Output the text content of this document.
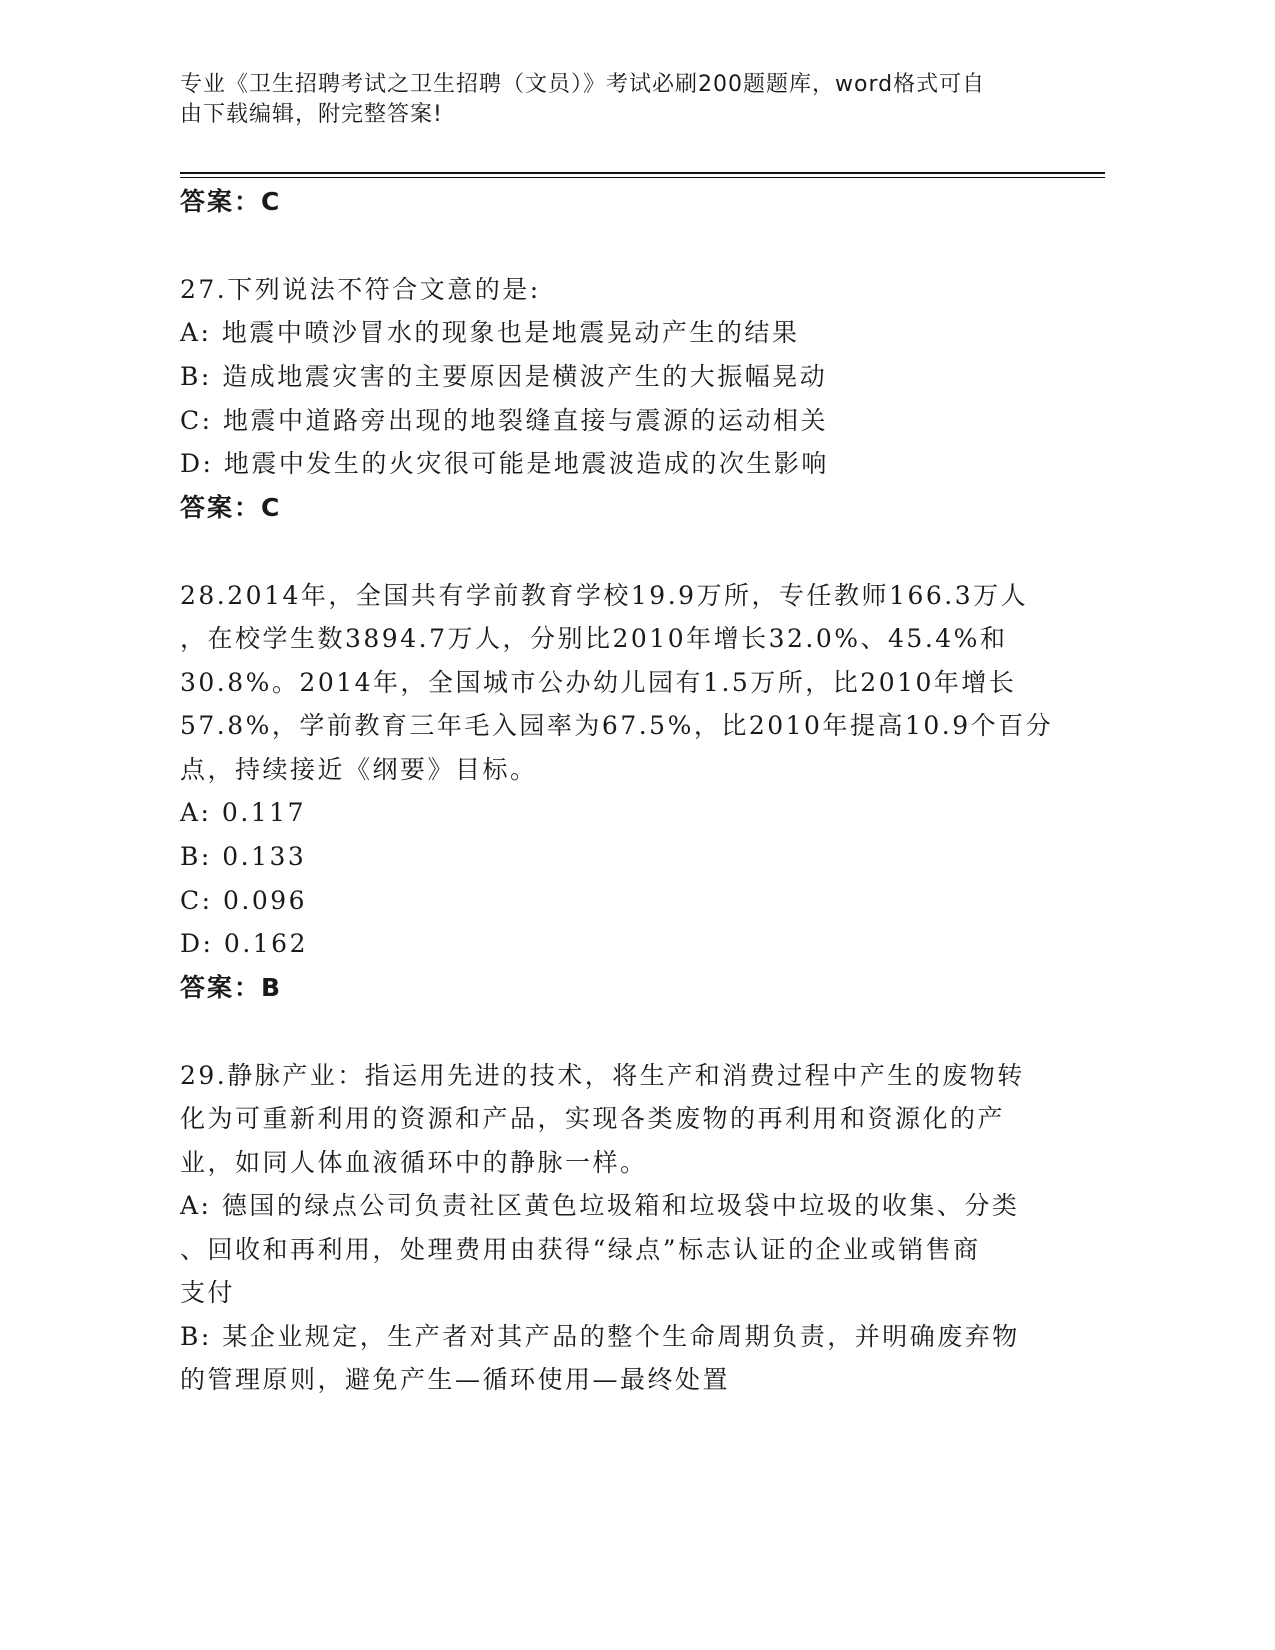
专业《卫生招聘考试之卫生招聘（文员）》考试必刷200题题库，word格式可自
由下载编辑，附完整答案!
答案：C
27.下列说法不符合文意的是:
A: 地震中喷沙冒水的现象也是地震晃动产生的结果
B: 造成地震灾害的主要原因是横波产生的大振幅晃动
C: 地震中道路旁出现的地裂缝直接与震源的运动相关
D: 地震中发生的火灾很可能是地震波造成的次生影响
答案：C
28.2014年，全国共有学前教育学校19.9万所，专任教师166.3万人
，在校学生数3894.7万人，分别比2010年增长32.0%、45.4%和
30.8%。2014年，全国城市公办幼儿园有1.5万所，比2010年增长
57.8%，学前教育三年毛入园率为67.5%，比2010年提高10.9个百分
点，持续接近《纲要》目标。
A: 0.117
B: 0.133
C: 0.096
D: 0.162
答案：B
29.静脉产业：指运用先进的技术，将生产和消费过程中产生的废物转
化为可重新利用的资源和产品，实现各类废物的再利用和资源化的产
业，如同人体血液循环中的静脉一样。
A: 德国的绿点公司负责社区黄色垃圾箱和垃圾袋中垃圾的收集、分类
、回收和再利用，处理费用由获得“绿点”标志认证的企业或销售商
支付
B: 某企业规定，生产者对其产品的整个生命周期负责，并明确废弃物
的管理原则，避免产生—循环使用—最终处置
